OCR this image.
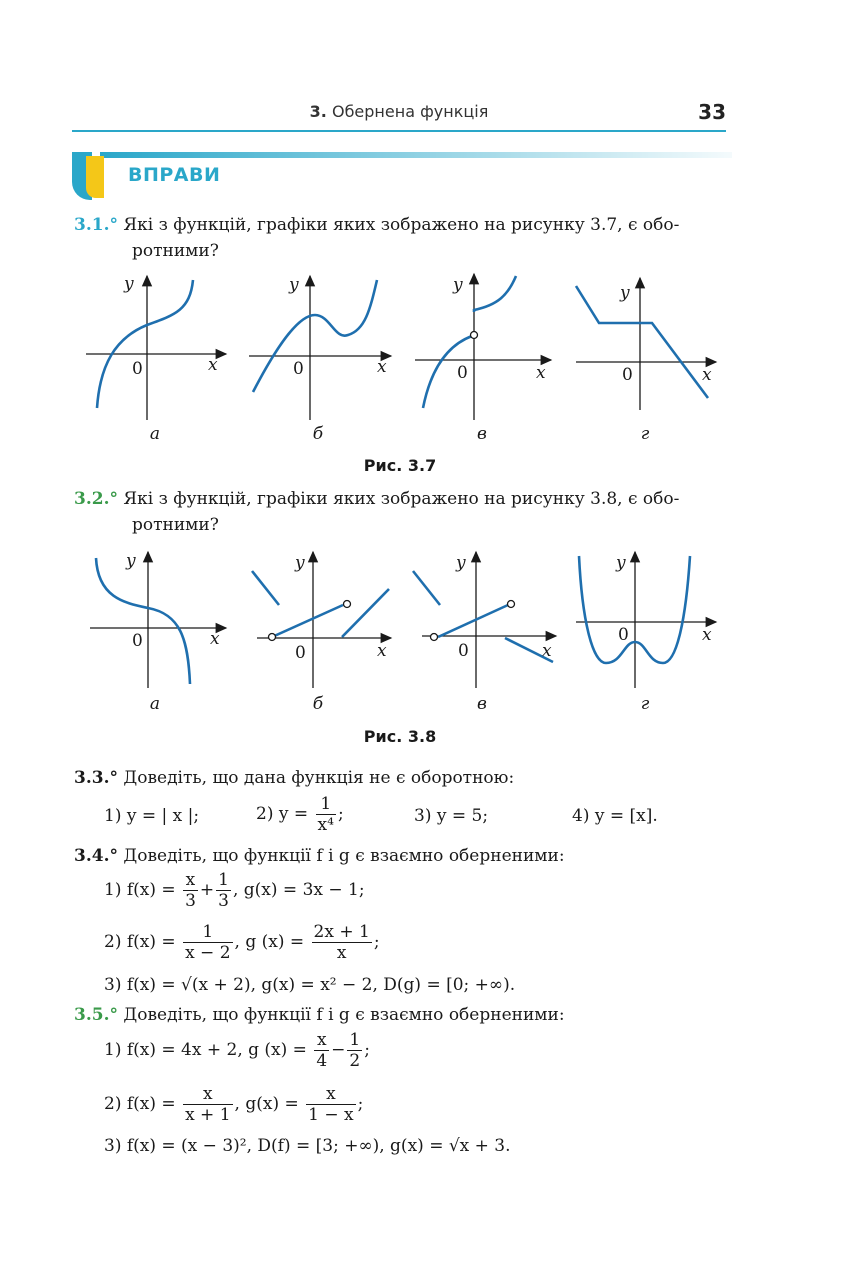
3. Обернена функція	33
ВПРАВИ
3.1.° Які з функцій, графіки яких зображено на рисунку 3.7, є обо-
ротними?
y
x
0
y
x
0
y
x
0
y
x
0
а	б	в	г
Рис. 3.7
3.2.° Які з функцій, графіки яких зображено на рисунку 3.8, є обо-
ротними?
y
x
0
y
x
0
y
x
0
y
x
0
а	б	в	г
Рис. 3.8
3.3.° Доведіть, що дана функція не є оборотною:
1) y = | x |;	2) $y = \frac{1}{\text{x⁴}}$ ;	3) y = 5;	4) y = [x].
3.4.° Доведіть, що функції f і g є взаємно оберненими:
1) $f(x) = \frac{x}{3} + \frac{1}{3}$ , g(x) = 3x − 1;
2) $f(x) = \frac{1}{x - 2}$ , g $(x) = \frac{2x + 1}{x}$ ;
3) f(x) = √(x + 2), g(x) = x² − 2, D(g) = [0; +∞).
3.5.° Доведіть, що функції f і g є взаємно оберненими:
1) f(x) = 4x + 2, g $(x) = \frac{x}{4} - \frac{1}{2}$ ;
2) $f(x) = \frac{x}{x + 1}$ , $g(x) = \frac{x}{1 - x}$ ;
3) f(x) = (x − 3)², D(f) = [3; +∞), g(x) = √x + 3.
